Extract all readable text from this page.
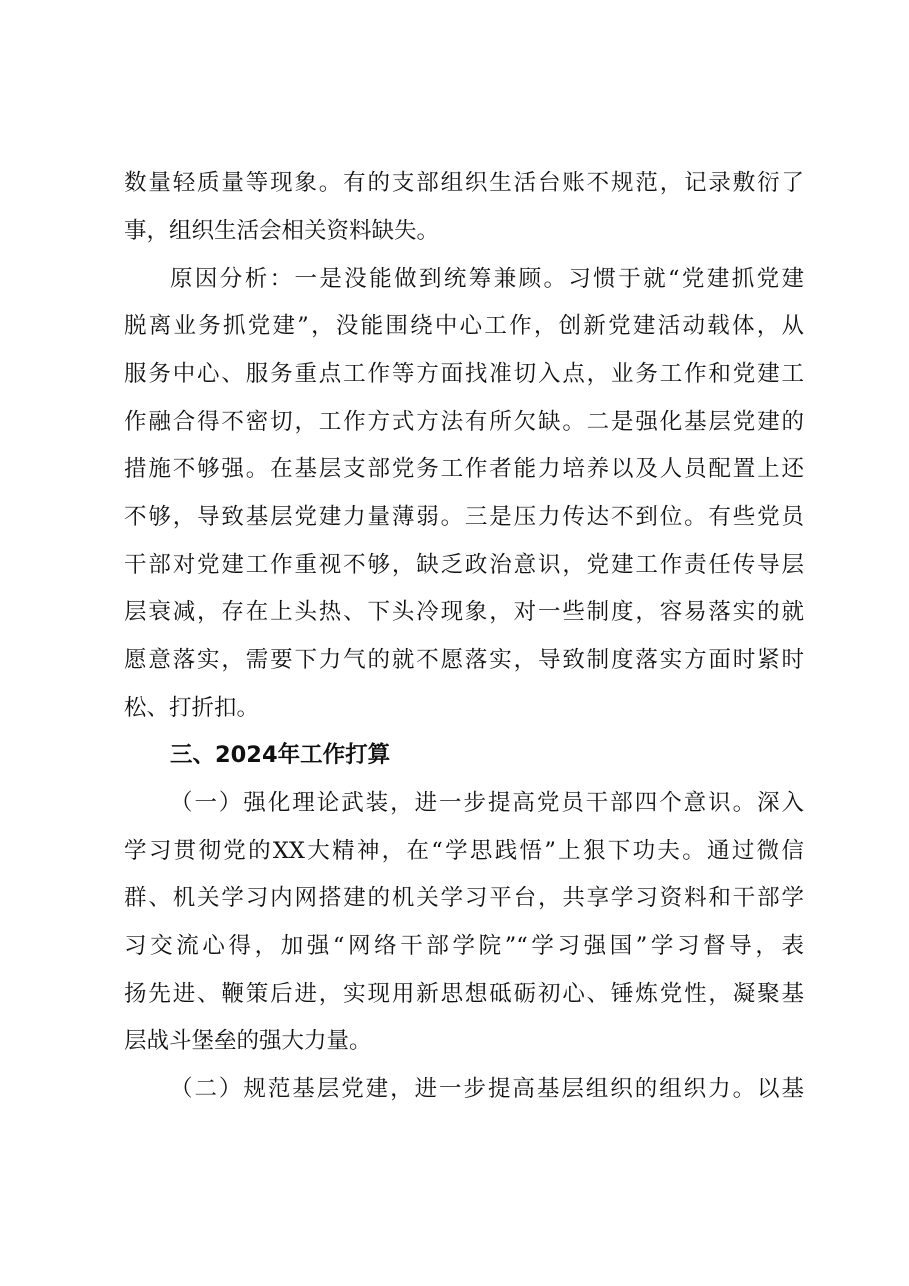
数量轻质量等现象。有的支部组织生活台账不规范，记录敷衍了
事，组织生活会相关资料缺失。
原因分析：一是没能做到统筹兼顾。习惯于就“党建抓党建
脱离业务抓党建”，没能围绕中心工作，创新党建活动载体，从
服务中心、服务重点工作等方面找准切入点，业务工作和党建工
作融合得不密切，工作方式方法有所欠缺。二是强化基层党建的
措施不够强。在基层支部党务工作者能力培养以及人员配置上还
不够，导致基层党建力量薄弱。三是压力传达不到位。有些党员
干部对党建工作重视不够，缺乏政治意识，党建工作责任传导层
层衰减，存在上头热、下头冷现象，对一些制度，容易落实的就
愿意落实，需要下力气的就不愿落实，导致制度落实方面时紧时
松、打折扣。
三、2024年工作打算
（一）强化理论武装，进一步提高党员干部四个意识。深入
学习贯彻党的XX大精神，在“学思践悟”上狠下功夫。通过微信
群、机关学习内网搭建的机关学习平台，共享学习资料和干部学
习交流心得，加强“网络干部学院”“学习强国”学习督导，表
扬先进、鞭策后进，实现用新思想砥砺初心、锤炼党性，凝聚基
层战斗堡垒的强大力量。
（二）规范基层党建，进一步提高基层组织的组织力。以基
